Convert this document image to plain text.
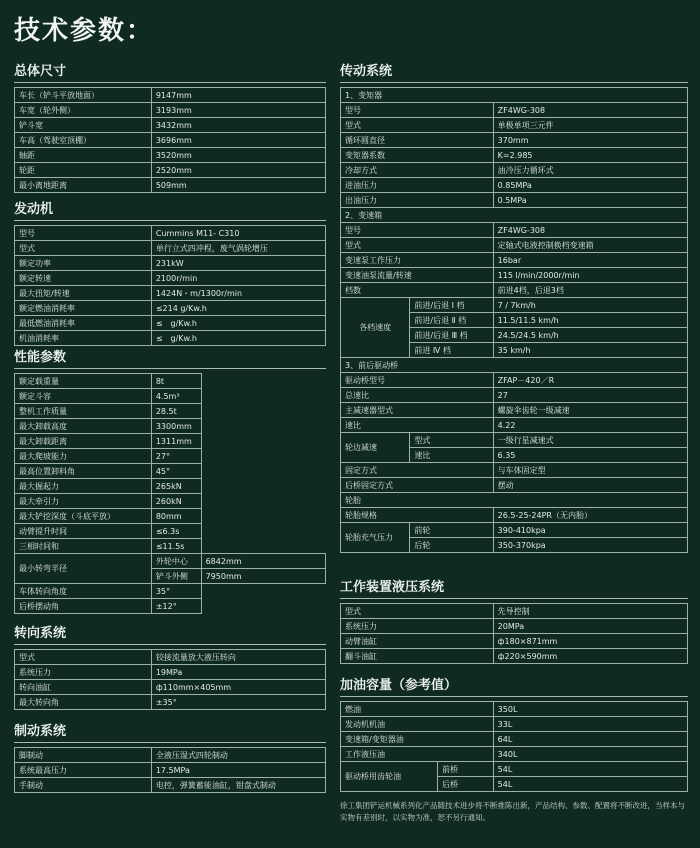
技术参数：
总体尺寸
车长（铲斗平放地面）	9147mm
车宽（轮外侧）	3193mm
铲斗宽	3432mm
车高（驾驶室顶棚）	3696mm
轴距	3520mm
轮距	2520mm
最小离地距离	509mm
发动机
型号	Cummins M11- C310
型式	单行立式四冲程，废气涡轮增压
额定功率	231kW
额定转速	2100r/min
最大扭矩/转速	1424N・m/1300r/min
额定燃油消耗率	≤214 g/Kw.h
最低燃油消耗率	≤　g/Kw.h
机油消耗率	≤　g/Kw.h
性能参数
额定载重量	8t	
额定斗容	4.5m³	
整机工作质量	28.5t	
最大卸载高度	3300mm	
最大卸载距离	1311mm	
最大爬坡能力	27°	
最高位置卸料角	45°	
最大掘起力	265kN	
最大牵引力	260kN	
最大铲挖深度（斗底平放）	80mm	
动臂提升时间	≤6.3s	
三相时间和	≤11.5s	
最小转弯半径	外轮中心	6842mm
	铲斗外侧	7950mm
车体转向角度	35°	
后桥摆动角	±12°	
转向系统
型式	铰接流量放大液压转向
系统压力	19MPa
转向油缸	ф110mm×405mm
最大转向角	±35°
制动系统
脚制动	全液压湿式四轮制动
系统最高压力	17.5MPa
手制动	电控，弹簧蓄能油缸，钳盘式制动
传动系统
1、变矩器		
型号		ZF4WG-308
型式		单极单项三元件
循环圆直径		370mm
变矩器系数		K=2.985
冷却方式		油冷压力循环式
进油压力		0.85MPa
出油压力		0.5MPa
2、变速箱		
型号		ZF4WG-308
型式		定轴式电液控制换档变速箱
变速泵工作压力		16bar
变速油泵流量/转速		115 l/min/2000r/min
档数		前进4档，后退3档
各档速度	前进/后退 Ⅰ 档	7 / 7km/h
	前进/后退 Ⅱ 档	11.5/11.5 km/h
	前进/后退 Ⅲ 档	24.5/24.5 km/h
	前进 Ⅳ 档	35 km/h
3、前后驱动桥		
驱动桥型号		ZFAP－420／R
总速比		27
主减速器型式		螺旋伞齿轮一级减速
速比		4.22
轮边减速	型式	一级行星减速式
	速比	6.35
固定方式		与车体固定型
后桥固定方式		摆动
轮胎		
轮胎规格		26.5-25-24PR（无内胎）
轮胎充气压力	前轮	390-410kpa
	后轮	350-370kpa
工作装置液压系统
型式	先导控制
系统压力	20MPa
动臂油缸	ф180×871mm
翻斗油缸	ф220×590mm
加油容量（参考值）
燃油		350L
发动机机油		33L
变速箱/变矩器油		64L
工作液压油		340L
驱动桥用齿轮油	前桥	54L
	后桥	54L

徐工集团铲运机械系列化产品随技术进步将不断推陈出新，产品结构、参数、配置将不断改进，当样本与实物有差别时，以实物为准，恕不另行通知。
